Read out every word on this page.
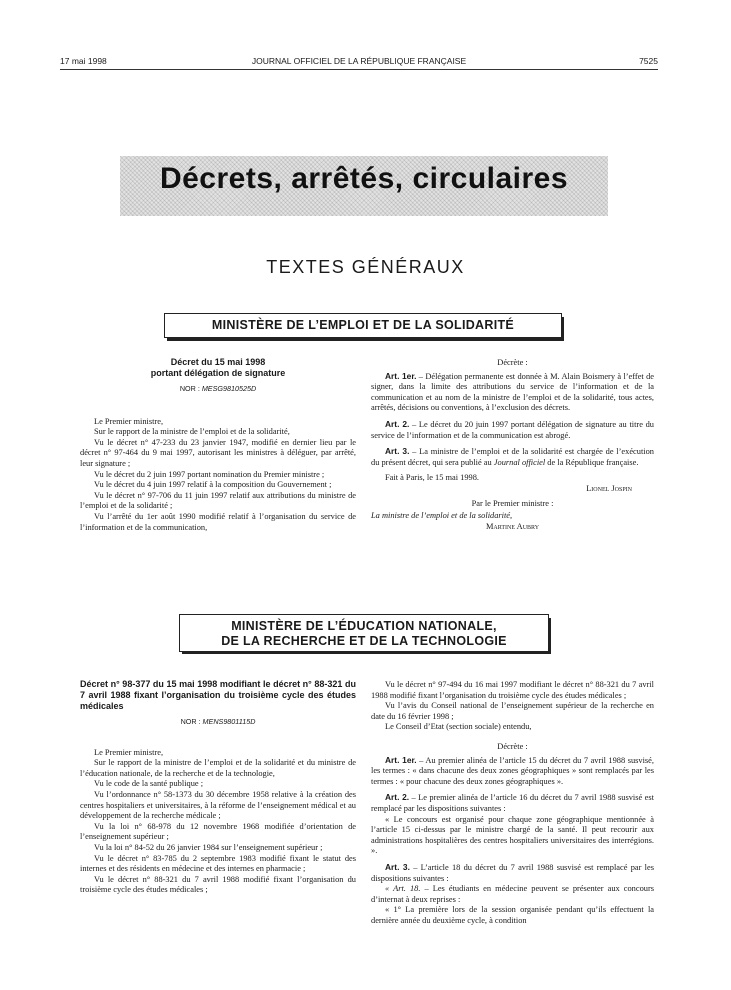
17 mai 1998	JOURNAL OFFICIEL DE LA RÉPUBLIQUE FRANÇAISE	7525
Décrets, arrêtés, circulaires
TEXTES GÉNÉRAUX
MINISTÈRE DE L’EMPLOI ET DE LA SOLIDARITÉ

Décret du 15 mai 1998

portant délégation de signature

NOR : MESG9810525D

Le Premier ministre,

Sur le rapport de la ministre de l’emploi et de la solidarité,

Vu le décret n° 47-233 du 23 janvier 1947, modifié en dernier lieu par le décret n° 97-464 du 9 mai 1997, autorisant les ministres à déléguer, par arrêté, leur signature ;

Vu le décret du 2 juin 1997 portant nomination du Premier ministre ;

Vu le décret du 4 juin 1997 relatif à la composition du Gouvernement ;

Vu le décret n° 97-706 du 11 juin 1997 relatif aux attributions du ministre de l’emploi et de la solidarité ;

Vu l’arrêté du 1er août 1990 modifié relatif à l’organisation du service de l’information et de la communication,

Décrète :

Art. 1er. – Délégation permanente est donnée à M. Alain Boismery à l’effet de signer, dans la limite des attributions du service de l’information et de la communication et au nom de la ministre de l’emploi et de la solidarité, tous actes, arrêtés, décisions ou conventions, à l’exclusion des décrets.

Art. 2. – Le décret du 20 juin 1997 portant délégation de signature au titre du service de l’information et de la communication est abrogé.

Art. 3. – La ministre de l’emploi et de la solidarité est chargée de l’exécution du présent décret, qui sera publié au Journal officiel de la République française.

Fait à Paris, le 15 mai 1998.

Lionel Jospin

Par le Premier ministre :

La ministre de l’emploi et de la solidarité,

Martine Aubry

MINISTÈRE DE L’ÉDUCATION NATIONALE,
DE LA RECHERCHE ET DE LA TECHNOLOGIE

Décret n° 98-377 du 15 mai 1998 modifiant le décret n° 88-321 du 7 avril 1988 fixant l’organisation du troisième cycle des études médicales

NOR : MENS9801115D

Le Premier ministre,

Sur le rapport de la ministre de l’emploi et de la solidarité et du ministre de l’éducation nationale, de la recherche et de la technologie,

Vu le code de la santé publique ;

Vu l’ordonnance n° 58-1373 du 30 décembre 1958 relative à la création des centres hospitaliers et universitaires, à la réforme de l’enseignement médical et au développement de la recherche médicale ;

Vu la loi n° 68-978 du 12 novembre 1968 modifiée d’orientation de l’enseignement supérieur ;

Vu la loi n° 84-52 du 26 janvier 1984 sur l’enseignement supérieur ;

Vu le décret n° 83-785 du 2 septembre 1983 modifié fixant le statut des internes et des résidents en médecine et des internes en pharmacie ;

Vu le décret n° 88-321 du 7 avril 1988 modifié fixant l’organisation du troisième cycle des études médicales ;

Vu le décret n° 97-494 du 16 mai 1997 modifiant le décret n° 88-321 du 7 avril 1988 modifié fixant l’organisation du troisième cycle des études médicales ;

Vu l’avis du Conseil national de l’enseignement supérieur de la recherche en date du 16 février 1998 ;

Le Conseil d’Etat (section sociale) entendu,

Décrète :

Art. 1er. – Au premier alinéa de l’article 15 du décret du 7 avril 1988 susvisé, les termes : « dans chacune des deux zones géographiques » sont remplacés par les termes : « pour chacune des deux zones géographiques ».

Art. 2. – Le premier alinéa de l’article 16 du décret du 7 avril 1988 susvisé est remplacé par les dispositions suivantes :

« Le concours est organisé pour chaque zone géographique mentionnée à l’article 15 ci-dessus par le ministre chargé de la santé. Il peut recourir aux administrations hospitalières des centres hospitaliers universitaires des interrégions. ».

Art. 3. – L’article 18 du décret du 7 avril 1988 susvisé est remplacé par les dispositions suivantes :

« Art. 18. – Les étudiants en médecine peuvent se présenter aux concours d’internat à deux reprises :

« 1° La première lors de la session organisée pendant qu’ils effectuent la dernière année du deuxième cycle, à condition
